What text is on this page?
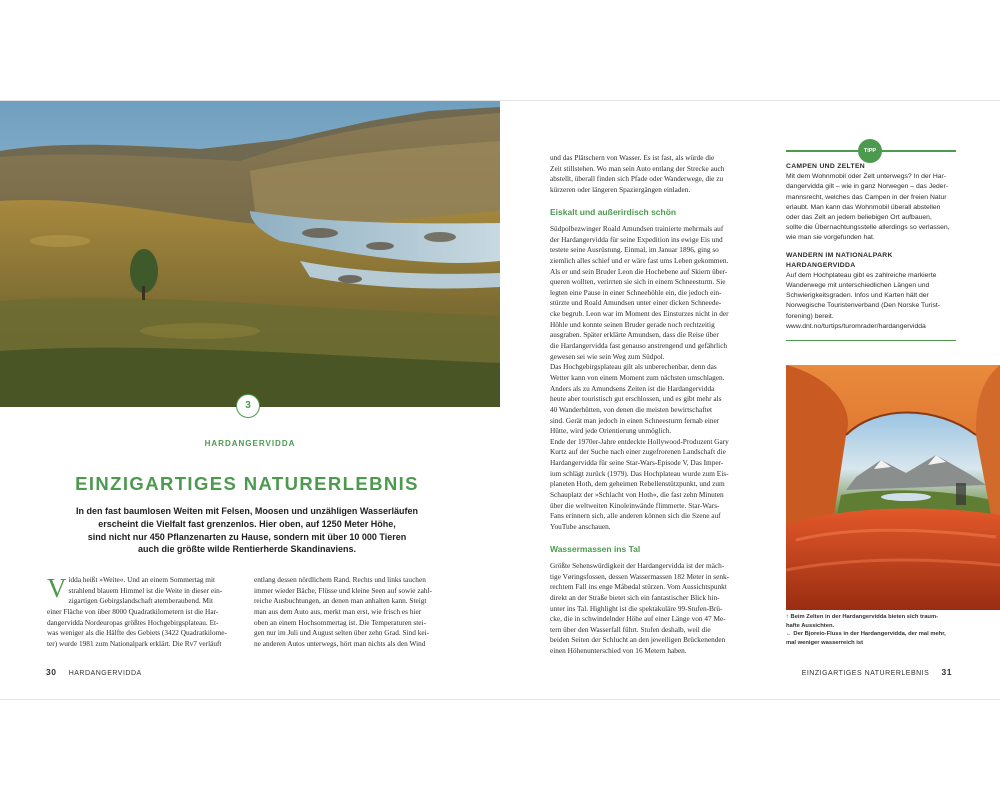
3
HARDANGERVIDDA
EINZIGARTIGES NATURERLEBNIS
In den fast baumlosen Weiten mit Felsen, Moosen und unzähligen Wasserläufen
erscheint die Vielfalt fast grenzenlos. Hier oben, auf 1250 Meter Höhe,
sind nicht nur 450 Pflanzenarten zu Hause, sondern mit über 10 000 Tieren
auch die größte wilde Rentierherde Skandinaviens.
V idda heißt »Weite«. Und an einem Sommertag mit

strahlend blauem Himmel ist die Weite in dieser ein-

zigartigen Gebirgslandschaft atemberaubend. Mit

einer Fläche von über 8000 Quadratkilometern ist die Har-

dangervidda Nordeuropas größtes Hochgebirgsplateau. Et-

was weniger als die Hälfte des Gebiets (3422 Quadratkilome-

ter) wurde 1981 zum Nationalpark erklärt. Die Rv7 verläuft

entlang dessen nördlichem Rand. Rechts und links tauchen

immer wieder Bäche, Flüsse und kleine Seen auf sowie zahl-

reiche Ausbuchtungen, an denen man anhalten kann. Steigt

man aus dem Auto aus, merkt man erst, wie frisch es hier

oben an einem Hochsommertag ist. Die Temperaturen stei-

gen nur im Juli und August selten über zehn Grad. Sind kei-

ne anderen Autos unterwegs, hört man nichts als den Wind

30 HARDANGERVIDDA

und das Plätschern von Wasser. Es ist fast, als würde die

Zeit stillstehen. Wo man sein Auto entlang der Strecke auch

abstellt, überall finden sich Pfade oder Wanderwege, die zu

kürzeren oder längeren Spaziergängen einladen.

Eiskalt und außerirdisch schön

Südpolbezwinger Roald Amundsen trainierte mehrmals auf

der Hardangervidda für seine Expedition ins ewige Eis und

testete seine Ausrüstung. Einmal, im Januar 1896, ging so

ziemlich alles schief und er wäre fast ums Leben gekommen.

Als er und sein Bruder Leon die Hochebene auf Skiern über-

queren wollten, verirrten sie sich in einem Schneesturm. Sie

legten eine Pause in einer Schneehöhle ein, die jedoch ein-

stürzte und Roald Amundsen unter einer dicken Schneede-

cke begrub. Leon war im Moment des Einsturzes nicht in der

Höhle und konnte seinen Bruder gerade noch rechtzeitig

ausgraben. Später erklärte Amundsen, dass die Reise über

die Hardangervidda fast genauso anstrengend und gefährlich

gewesen sei wie sein Weg zum Südpol.

Das Hochgebirgsplateau gilt als unberechenbar, denn das

Wetter kann von einem Moment zum nächsten umschlagen.

Anders als zu Amundsens Zeiten ist die Hardangervidda

heute aber touristisch gut erschlossen, und es gibt mehr als

40 Wanderhütten, von denen die meisten bewirtschaftet

sind. Gerät man jedoch in einen Schneesturm fernab einer

Hütte, wird jede Orientierung unmöglich.

Ende der 1970er-Jahre entdeckte Hollywood-Produzent Gary

Kurtz auf der Suche nach einer zugefrorenen Landschaft die

Hardangervidda für seine Star-Wars-Episode V, Das Imper-

ium schlägt zurück (1979). Das Hochplateau wurde zum Eis-

planeten Hoth, dem geheimen Rebellenstützpunkt, und zum

Schauplatz der »Schlacht von Hoth«, die fast zehn Minuten

über die weltweiten Kinoleinwände flimmerte. Star-Wars-

Fans erinnern sich, alle anderen können sich die Szene auf

YouTube anschauen.

Wassermassen ins Tal

Größte Sehenswürdigkeit der Hardangervidda ist der mäch-

tige Vøringsfossen, dessen Wassermassen 182 Meter in senk-

rechtem Fall ins enge Måbødal stürzen. Vom Aussichtspunkt

direkt an der Straße bietet sich ein fantastischer Blick hin-

unter ins Tal. Highlight ist die spektakuläre 99-Stufen-Brü-

cke, die in schwindelnder Höhe auf einer Länge von 47 Me-

tern über den Wasserfall führt. Stufen deshalb, weil die

beiden Seiten der Schlucht an den jeweiligen Brückenenden

einen Höhenunterschied von 16 Metern haben.

TIPP

CAMPEN UND ZELTEN

Mit dem Wohnmobil oder Zelt unterwegs? In der Har-

dangervidda gilt – wie in ganz Norwegen – das Jeder-

mannsrecht, welches das Campen in der freien Natur

erlaubt. Man kann das Wohnmobil überall abstellen

oder das Zelt an jedem beliebigen Ort aufbauen,

sollte die Übernachtungsstelle allerdings so verlassen,

wie man sie vorgefunden hat.

WANDERN IM NATIONALPARK

HARDANGERVIDDA

Auf dem Hochplateau gibt es zahlreiche markierte

Wanderwege mit unterschiedlichen Längen und

Schwierigkeitsgraden. Infos und Karten hält der

Norwegische Touristenverband (Den Norske Turist-

forening) bereit.

www.dnt.no/turtips/turomrader/hardangervidda

↑ Beim Zelten in der Hardangervidda bieten sich traum-

hafte Aussichten.

← Der Bjoreio-Fluss in der Hardangervidda, der mal mehr,

mal weniger wasserreich ist

EINZIGARTIGES NATURERLEBNIS 31
